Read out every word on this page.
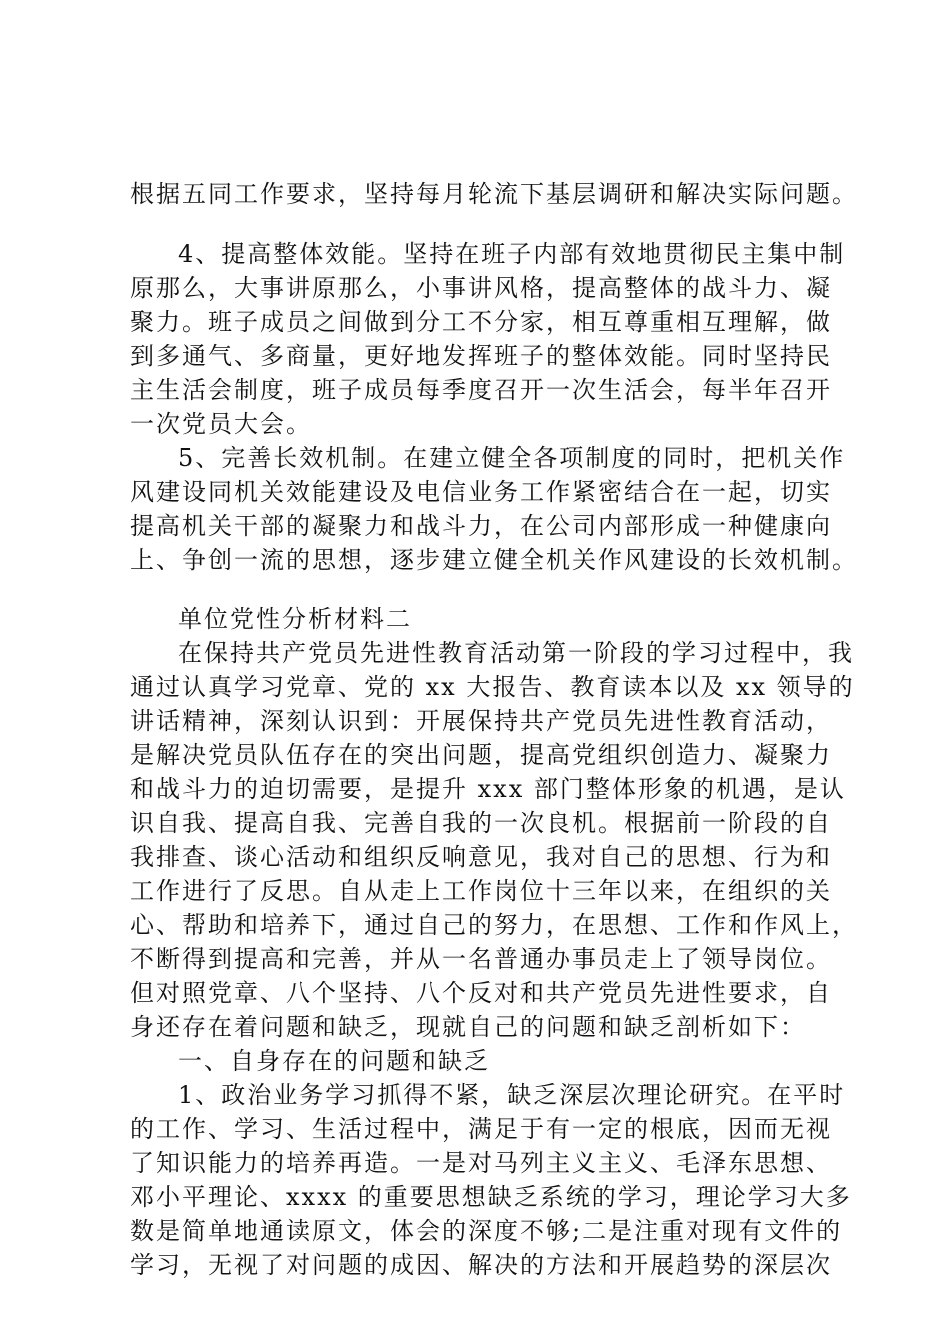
根据五同工作要求，坚持每月轮流下基层调研和解决实际问题。
4、提高整体效能。坚持在班子内部有效地贯彻民主集中制
原那么，大事讲原那么，小事讲风格，提高整体的战斗力、凝
聚力。班子成员之间做到分工不分家，相互尊重相互理解，做
到多通气、多商量，更好地发挥班子的整体效能。同时坚持民
主生活会制度，班子成员每季度召开一次生活会，每半年召开
一次党员大会。
5、完善长效机制。在建立健全各项制度的同时，把机关作
风建设同机关效能建设及电信业务工作紧密结合在一起，切实
提高机关干部的凝聚力和战斗力，在公司内部形成一种健康向
上、争创一流的思想，逐步建立健全机关作风建设的长效机制。
单位党性分析材料二
在保持共产党员先进性教育活动第一阶段的学习过程中，我
通过认真学习党章、党的 xx 大报告、教育读本以及 xx 领导的
讲话精神，深刻认识到：开展保持共产党员先进性教育活动，
是解决党员队伍存在的突出问题，提高党组织创造力、凝聚力
和战斗力的迫切需要，是提升 xxx 部门整体形象的机遇，是认
识自我、提高自我、完善自我的一次良机。根据前一阶段的自
我排查、谈心活动和组织反响意见，我对自己的思想、行为和
工作进行了反思。自从走上工作岗位十三年以来，在组织的关
心、帮助和培养下，通过自己的努力，在思想、工作和作风上，
不断得到提高和完善，并从一名普通办事员走上了领导岗位。
但对照党章、八个坚持、八个反对和共产党员先进性要求，自
身还存在着问题和缺乏，现就自己的问题和缺乏剖析如下：
一、自身存在的问题和缺乏
1、政治业务学习抓得不紧，缺乏深层次理论研究。在平时
的工作、学习、生活过程中，满足于有一定的根底，因而无视
了知识能力的培养再造。一是对马列主义主义、毛泽东思想、
邓小平理论、xxxx 的重要思想缺乏系统的学习，理论学习大多
数是简单地通读原文，体会的深度不够;二是注重对现有文件的
学习，无视了对问题的成因、解决的方法和开展趋势的深层次
